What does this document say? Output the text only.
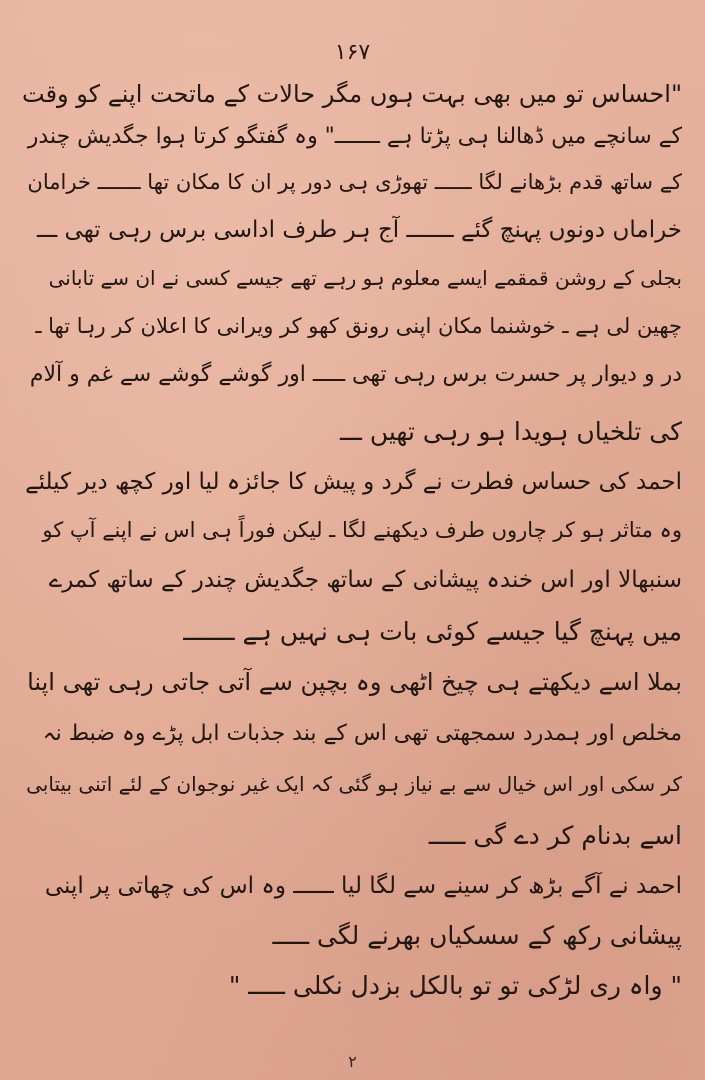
۱۶۷
"احساس تو میں بھی بہت ہوں مگر حالات کے ماتحت اپنے کو وقت
کے سانچے میں ڈھالنا ہی پڑتا ہے ـــــــ" وہ گفتگو کرتا ہوا جگدیش چندر
کے ساتھ قدم بڑھانے لگا ــــــ تھوڑی ہی دور پر ان کا مکان تھا ـــــــ خرامان
خراماں دونوں پہنچ گئے ـــــــ آج ہر طرف اداسی برس رہی تھی ـــ
بجلی کے روشن قمقمے ایسے معلوم ہو رہے تھے جیسے کسی نے ان سے تابانی
چھین لی ہے ـ خوشنما مکان اپنی رونق کھو کر ویرانی کا اعلان کر رہا تھا ـ
در و دیوار پر حسرت برس رہی تھی ـــــ اور گوشے گوشے سے غم و آلام
کی تلخیاں ہویدا ہو رہی تھیں ـــ
احمد کی حساس فطرت نے گرد و پیش کا جائزہ لیا اور کچھ دیر کیلئے
وہ متاثر ہو کر چاروں طرف دیکھنے لگا ـ لیکن فوراً ہی اس نے اپنے آپ کو
سنبھالا اور اس خندہ پیشانی کے ساتھ جگدیش چندر کے ساتھ کمرے
میں پہنچ گیا جیسے کوئی بات ہی نہیں ہے ـــــــ
بملا اسے دیکھتے ہی چیخ اٹھی وہ بچپن سے آتی جاتی رہی تھی اپنا
مخلص اور ہمدرد سمجھتی تھی اس کے بند جذبات ابل پڑے وہ ضبط نہ
کر سکی اور اس خیال سے بے نیاز ہو گئی کہ ایک غیر نوجوان کے لئے اتنی بیتابی
اسے بدنام کر دے گی ـــــ
احمد نے آگے بڑھ کر سینے سے لگا لیا ــــــ وہ اس کی چھاتی پر اپنی
پیشانی رکھ کے سسکیاں بھرنے لگی ـــــ
" واہ ری لڑکی تو تو بالکل بزدل نکلی ـــــ "
۲
